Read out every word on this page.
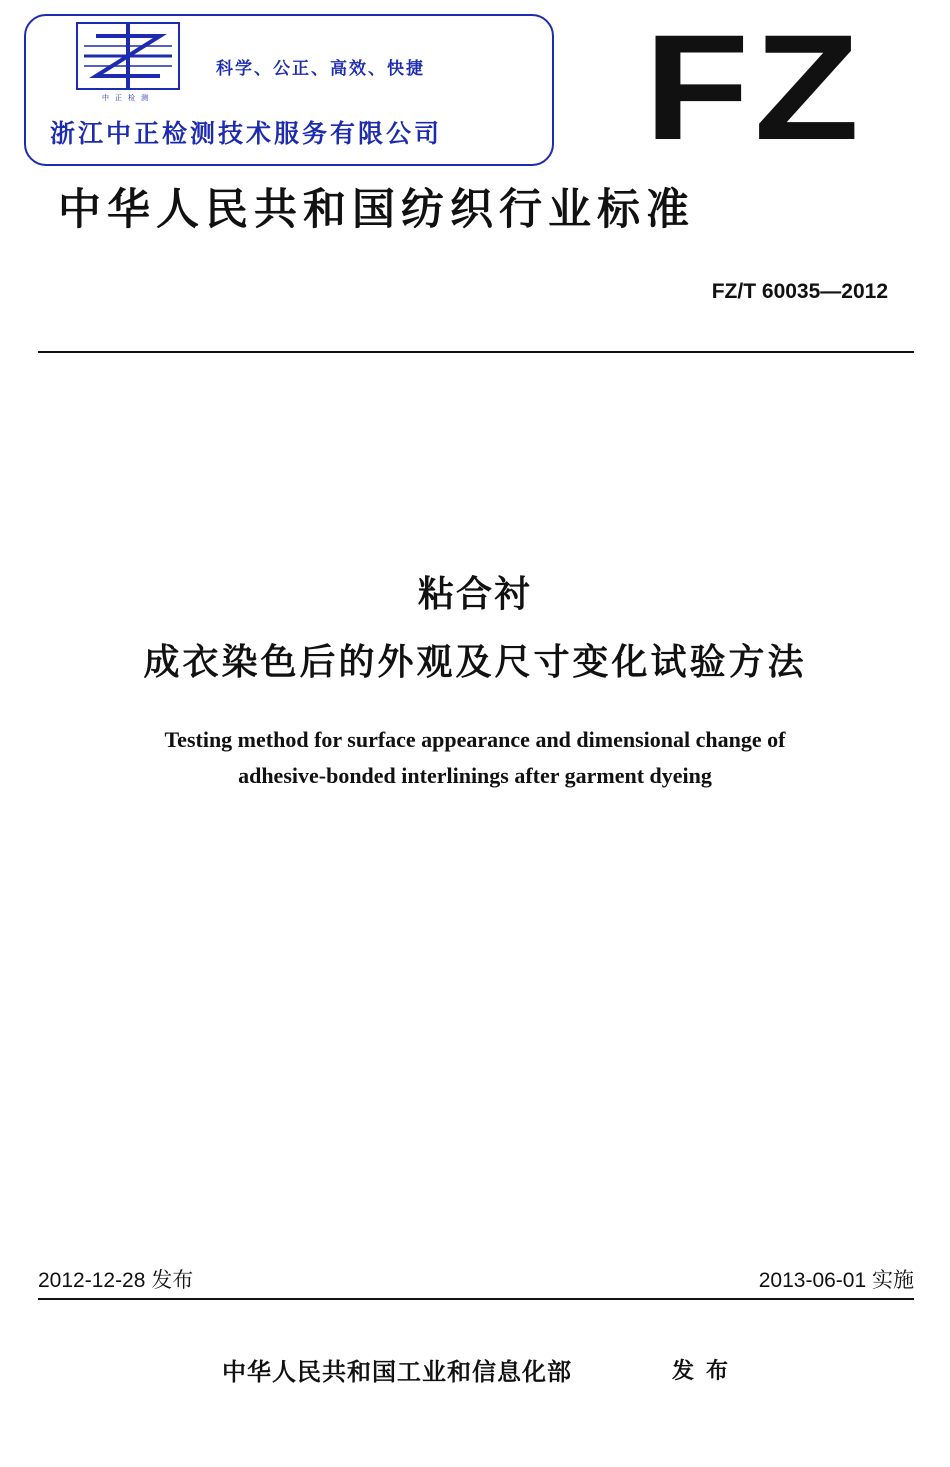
中正检测
科学、公正、高效、快捷
浙江中正检测技术服务有限公司 FZ
中华人民共和国纺织行业标准
FZ/T 60035—2012
粘合衬
成衣染色后的外观及尺寸变化试验方法
Testing method for surface appearance and dimensional change of
adhesive-bonded interlinings after garment dyeing
2012-12-28 发布	2013-06-01 实施
中华人民共和国工业和信息化部	发布
